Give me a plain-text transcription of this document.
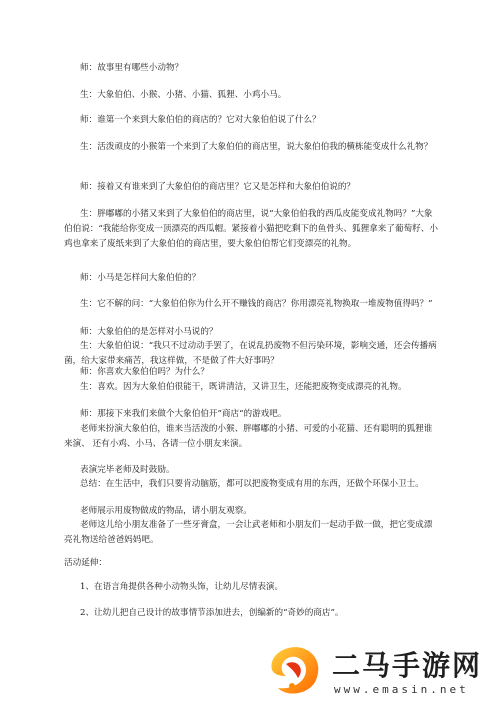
师：故事里有哪些小动物？

生：大象伯伯、小猴、小猪、小猫、狐狸、小鸡小马。

师：谁第一个来到大象伯伯的商店的？它对大象伯伯说了什么？

生：活泼顽皮的小猴第一个来到了大象伯伯的商店里，说大象伯伯我的横栋能变成什么礼物？

师：接着又有谁来到了大象伯伯的商店里？它又是怎样和大象伯伯说的？

生：胖嘟嘟的小猪又来到了大象伯伯的商店里，说“大象伯伯我的西瓜皮能变成礼物吗？”大象伯伯说：“我能给你变成一顶漂亮的西瓜帽。紧接着小猫把吃剩下的鱼骨头、狐狸拿来了葡萄籽、小鸡也拿来了废纸来到了大象伯伯的商店里，要大象伯伯帮它们变漂亮的礼物。

师：小马是怎样问大象伯伯的？

生：它不解的问：“大象伯伯你为什么开不赚钱的商店？你用漂亮礼物换取一堆废物值得吗？”

师：大象伯伯的是怎样对小马说的？

生：大象伯伯说：“我只不过动动手罢了，在说乱扔废物不但污染环境，影响交通，还会传播病菌，给大家带来痛苦，我这样做，不是做了件大好事吗？

师：你喜欢大象伯伯吗？为什么？

生：喜欢。因为大象伯伯很能干，既讲清洁，又讲卫生，还能把废物变成漂亮的礼物。

师：那接下来我们来做个大象伯伯开”商店“的游戏吧。

老师来扮演大象伯伯，谁来当活泼的小猴、胖嘟嘟的小猪、可爱的小花猫、还有聪明的狐狸谁来演、 还有小鸡、小马、各请一位小朋友来演。

表演完毕老师及时鼓励。

总结：在生活中，我们只要肯动脑筋，都可以把废物变成有用的东西，还做个环保小卫士。

老师展示用废物做成的物品，请小朋友观察。

老师这儿给小朋友准备了一些牙膏盒，一会让武老师和小朋友们一起动手做一做，把它变成漂亮礼物送给爸爸妈妈吧。

活动延伸：

1、在语言角提供各种小动物头饰，让幼儿尽情表演。

2、让幼儿把自己设计的故事情节添加进去，创编新的“奇妙的商店”。

二马手游网
www.emasin.net
